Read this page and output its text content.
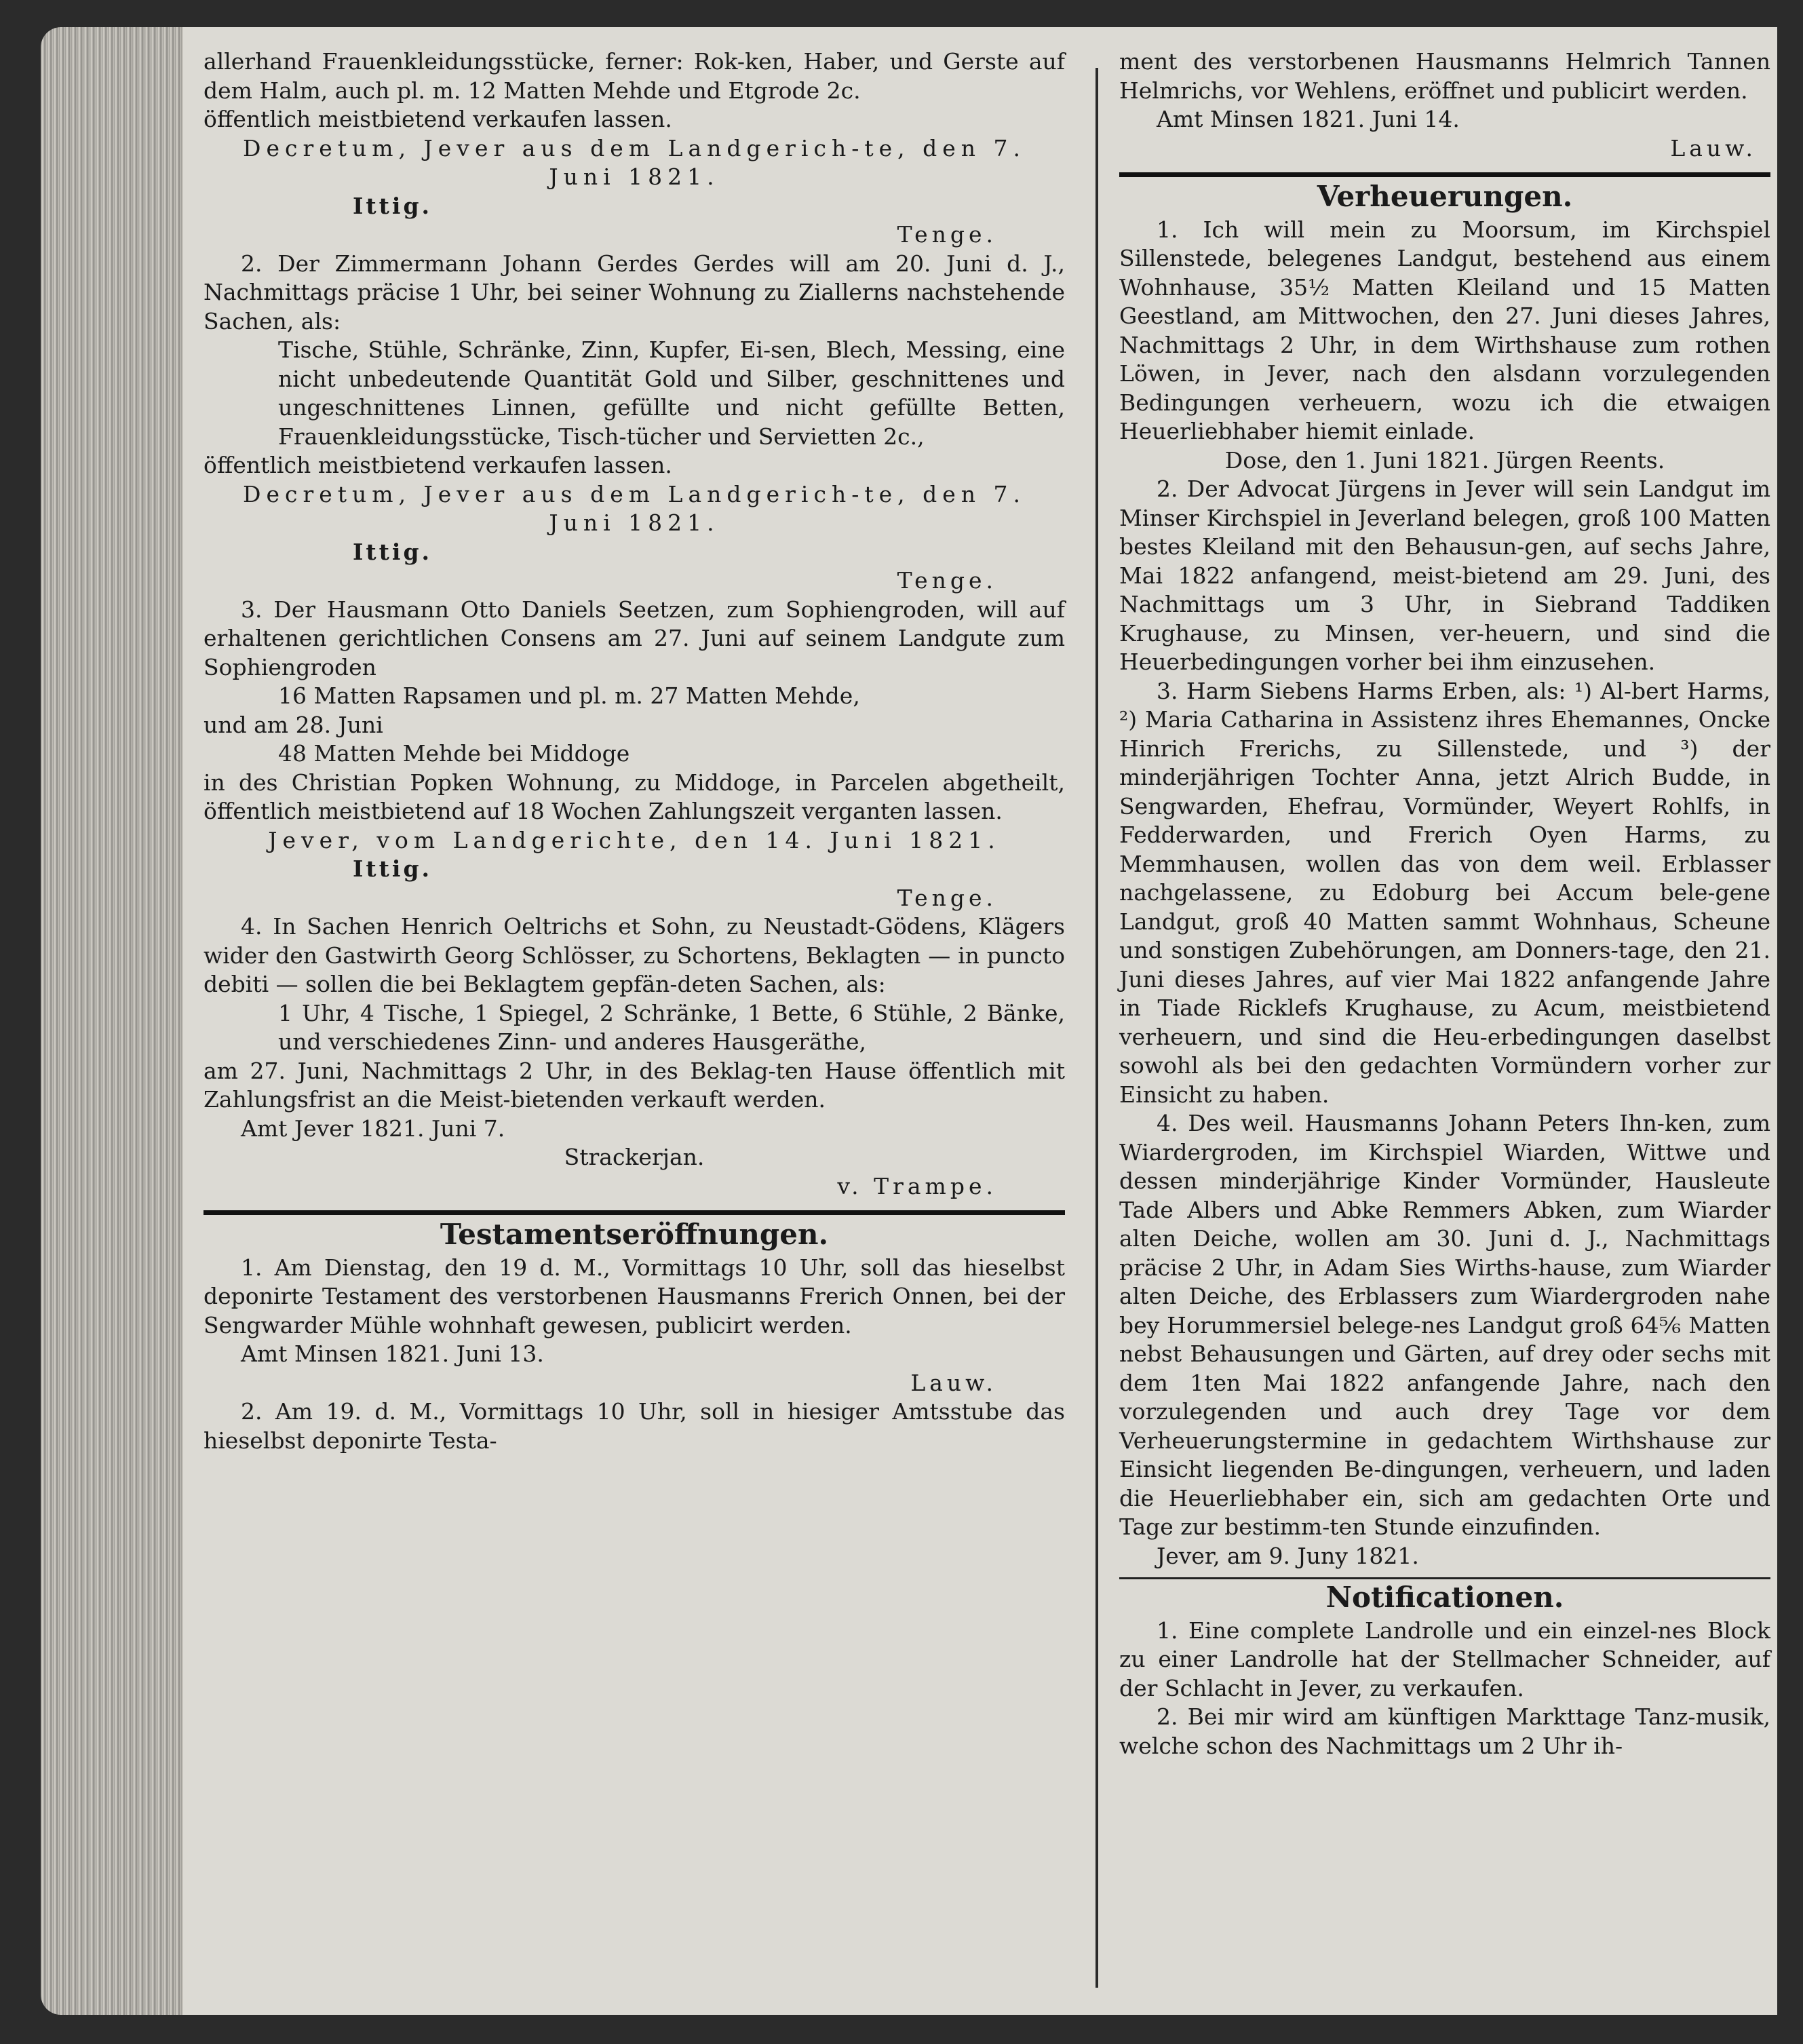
allerhand Frauenkleidungsstücke, ferner: Rok-ken, Haber, und Gerste auf dem Halm, auch pl. m. 12 Matten Mehde und Etgrode 2c.

öffentlich meistbietend verkaufen lassen.

Decretum, Jever aus dem Landgerich-te, den 7. Juni 1821.

Ittig.

Tenge.

2. Der Zimmermann Johann Gerdes Gerdes will am 20. Juni d. J., Nachmittags präcise 1 Uhr, bei seiner Wohnung zu Ziallerns nachstehende Sachen, als:

Tische, Stühle, Schränke, Zinn, Kupfer, Ei-sen, Blech, Messing, eine nicht unbedeutende Quantität Gold und Silber, geschnittenes und ungeschnittenes Linnen, gefüllte und nicht gefüllte Betten, Frauenkleidungsstücke, Tisch-tücher und Servietten 2c.,

öffentlich meistbietend verkaufen lassen.

Decretum, Jever aus dem Landgerich-te, den 7. Juni 1821.

Ittig.

Tenge.

3. Der Hausmann Otto Daniels Seetzen, zum Sophiengroden, will auf erhaltenen gerichtlichen Consens am 27. Juni auf seinem Landgute zum Sophiengroden

16 Matten Rapsamen und pl. m. 27 Matten Mehde,

und am 28. Juni

48 Matten Mehde bei Middoge

in des Christian Popken Wohnung, zu Middoge, in Parcelen abgetheilt, öffentlich meistbietend auf 18 Wochen Zahlungszeit verganten lassen.

Jever, vom Landgerichte, den 14. Juni 1821.

Ittig.

Tenge.

4. In Sachen Henrich Oeltrichs et Sohn, zu Neustadt-Gödens, Klägers wider den Gastwirth Georg Schlösser, zu Schortens, Beklagten — in puncto debiti — sollen die bei Beklagtem gepfän-deten Sachen, als:

1 Uhr, 4 Tische, 1 Spiegel, 2 Schränke, 1 Bette, 6 Stühle, 2 Bänke, und verschiedenes Zinn- und anderes Hausgeräthe,

am 27. Juni, Nachmittags 2 Uhr, in des Beklag-ten Hause öffentlich mit Zahlungsfrist an die Meist-bietenden verkauft werden.

Amt Jever 1821. Juni 7.

Strackerjan.

v. Trampe.

Testamentseröffnungen.

1. Am Dienstag, den 19 d. M., Vormittags 10 Uhr, soll das hieselbst deponirte Testament des verstorbenen Hausmanns Frerich Onnen, bei der Sengwarder Mühle wohnhaft gewesen, publicirt werden.

Amt Minsen 1821. Juni 13.

Lauw.

2. Am 19. d. M., Vormittags 10 Uhr, soll in hiesiger Amtsstube das hieselbst deponirte Testa-

ment des verstorbenen Hausmanns Helmrich Tannen Helmrichs, vor Wehlens, eröffnet und publicirt werden.

Amt Minsen 1821. Juni 14.

Lauw.

Verheuerungen.

1. Ich will mein zu Moorsum, im Kirchspiel Sillenstede, belegenes Landgut, bestehend aus einem Wohnhause, 35½ Matten Kleiland und 15 Matten Geestland, am Mittwochen, den 27. Juni dieses Jahres, Nachmittags 2 Uhr, in dem Wirthshause zum rothen Löwen, in Jever, nach den alsdann vorzulegenden Bedingungen verheuern, wozu ich die etwaigen Heuerliebhaber hiemit einlade.

Dose, den 1. Juni 1821. Jürgen Reents.

2. Der Advocat Jürgens in Jever will sein Landgut im Minser Kirchspiel in Jeverland belegen, groß 100 Matten bestes Kleiland mit den Behausun-gen, auf sechs Jahre, Mai 1822 anfangend, meist-bietend am 29. Juni, des Nachmittags um 3 Uhr, in Siebrand Taddiken Krughause, zu Minsen, ver-heuern, und sind die Heuerbedingungen vorher bei ihm einzusehen.

3. Harm Siebens Harms Erben, als: ¹) Al-bert Harms, ²) Maria Catharina in Assistenz ihres Ehemannes, Oncke Hinrich Frerichs, zu Sillenstede, und ³) der minderjährigen Tochter Anna, jetzt Alrich Budde, in Sengwarden, Ehefrau, Vormünder, Weyert Rohlfs, in Fedderwarden, und Frerich Oyen Harms, zu Memmhausen, wollen das von dem weil. Erblasser nachgelassene, zu Edoburg bei Accum bele-gene Landgut, groß 40 Matten sammt Wohnhaus, Scheune und sonstigen Zubehörungen, am Donners-tage, den 21. Juni dieses Jahres, auf vier Mai 1822 anfangende Jahre in Tiade Ricklefs Krughause, zu Acum, meistbietend verheuern, und sind die Heu-erbedingungen daselbst sowohl als bei den gedachten Vormündern vorher zur Einsicht zu haben.

4. Des weil. Hausmanns Johann Peters Ihn-ken, zum Wiardergroden, im Kirchspiel Wiarden, Wittwe und dessen minderjährige Kinder Vormünder, Hausleute Tade Albers und Abke Remmers Abken, zum Wiarder alten Deiche, wollen am 30. Juni d. J., Nachmittags präcise 2 Uhr, in Adam Sies Wirths-hause, zum Wiarder alten Deiche, des Erblassers zum Wiardergroden nahe bey Horummersiel belege-nes Landgut groß 64⅚ Matten nebst Behausungen und Gärten, auf drey oder sechs mit dem 1ten Mai 1822 anfangende Jahre, nach den vorzulegenden und auch drey Tage vor dem Verheuerungstermine in gedachtem Wirthshause zur Einsicht liegenden Be-dingungen, verheuern, und laden die Heuerliebhaber ein, sich am gedachten Orte und Tage zur bestimm-ten Stunde einzufinden.

Jever, am 9. Juny 1821.

Notificationen.

1. Eine complete Landrolle und ein einzel-nes Block zu einer Landrolle hat der Stellmacher Schneider, auf der Schlacht in Jever, zu verkaufen.

2. Bei mir wird am künftigen Markttage Tanz-musik, welche schon des Nachmittags um 2 Uhr ih-
